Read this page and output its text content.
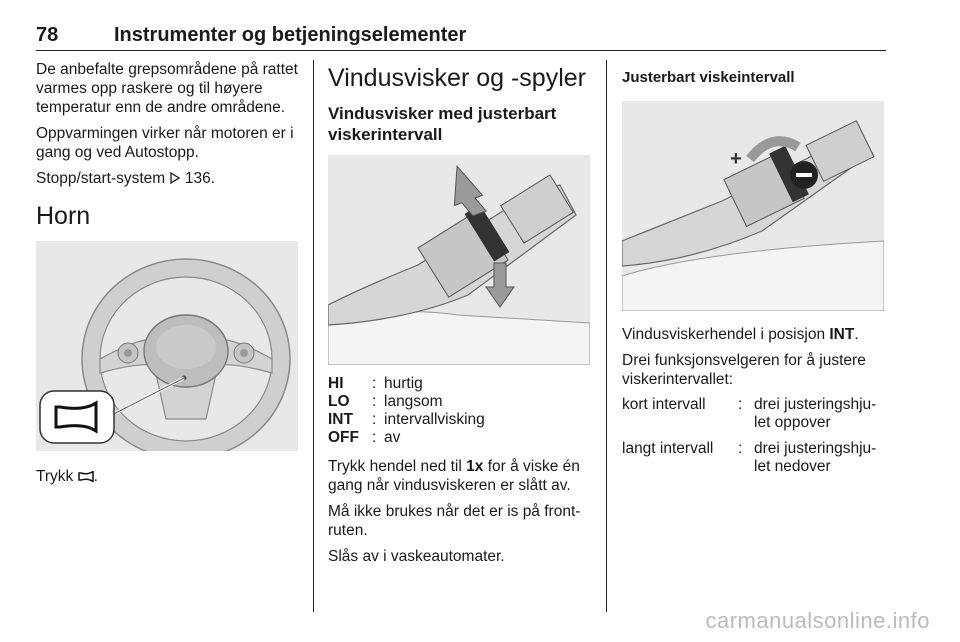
78	Instrumenter og betjeningselementer

De anbefalte grepsområdene på rattet varmes opp raskere og til høyere temperatur enn de andre områdene.

Oppvarmingen virker når motoren er i gang og ved Autostopp.

Stopp/start-system 136.

Horn

Trykk .

Vindusvisker og -spyler
Vindusvisker med justerbart viskerintervall
HI	:	hurtig
LO	:	langsom
INT	:	intervallvisking
OFF	:	av

Trykk hendel ned til 1x for å viske én gang når vindusviskeren er slått av.

Må ikke brukes når det er is på front-ruten.

Slås av i vaskeautomater.

Justerbart viskeintervall
+

Vindusviskerhendel i posisjon INT.

Drei funksjonsvelgeren for å justere viskerintervallet:

kort intervall	:	drei justeringshju-let oppover
langt intervall	:	drei justeringshju-let nedover
carmanualsonline.info
